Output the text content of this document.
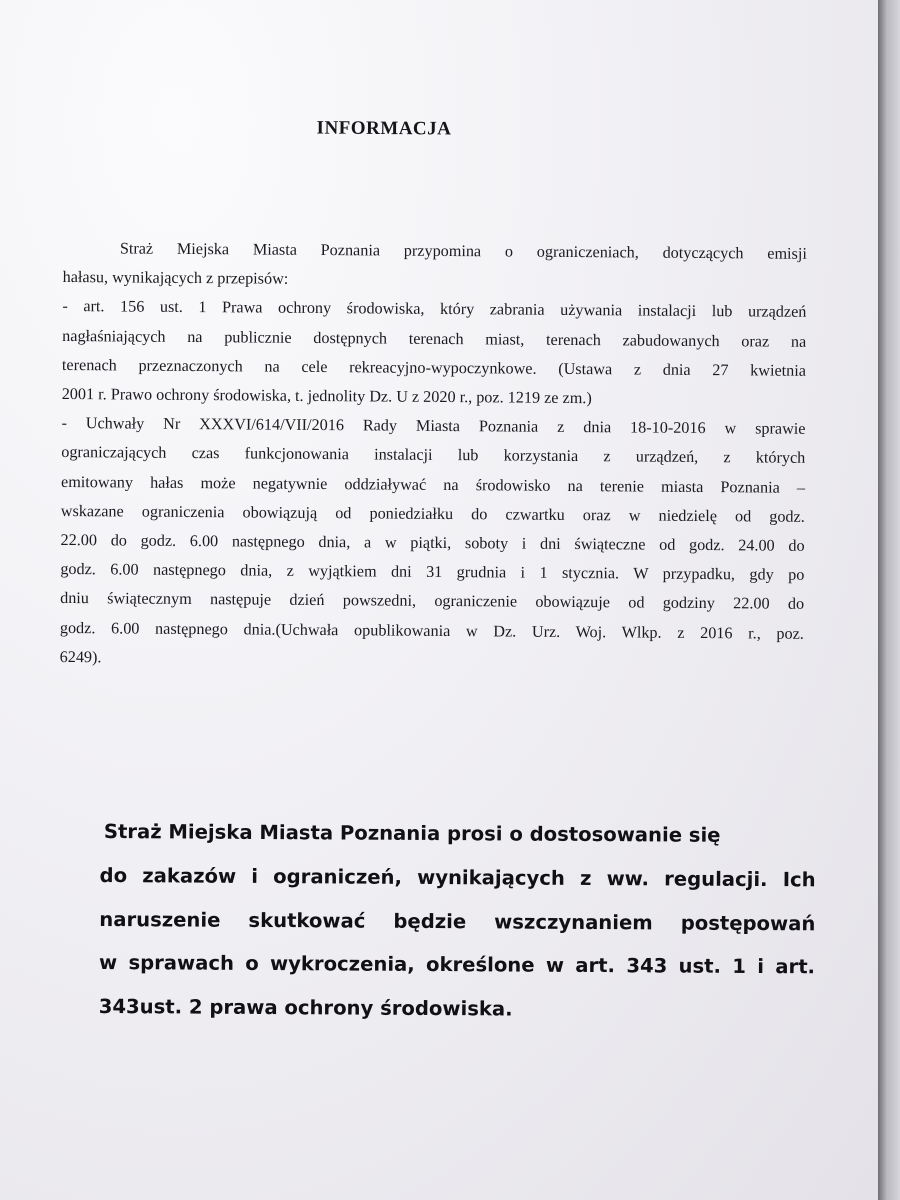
INFORMACJA
Straż Miejska Miasta Poznania przypomina o ograniczeniach, dotyczących emisji
hałasu, wynikających z przepisów:
- art. 156 ust. 1 Prawa ochrony środowiska, który zabrania używania instalacji lub urządzeń
nagłaśniających na publicznie dostępnych terenach miast, terenach zabudowanych oraz na
terenach przeznaczonych na cele rekreacyjno-wypoczynkowe. (Ustawa z dnia 27 kwietnia
2001 r. Prawo ochrony środowiska, t. jednolity Dz. U z 2020 r., poz. 1219 ze zm.)
- Uchwały Nr XXXVI/614/VII/2016 Rady Miasta Poznania z dnia 18-10-2016 w sprawie
ograniczających czas funkcjonowania instalacji lub korzystania z urządzeń, z których
emitowany hałas może negatywnie oddziaływać na środowisko na terenie miasta Poznania –
wskazane ograniczenia obowiązują od poniedziałku do czwartku oraz w niedzielę od godz.
22.00 do godz. 6.00 następnego dnia, a w piątki, soboty i dni świąteczne od godz. 24.00 do
godz. 6.00 następnego dnia, z wyjątkiem dni 31 grudnia i 1 stycznia. W przypadku, gdy po
dniu świątecznym następuje dzień powszedni, ograniczenie obowiązuje od godziny 22.00 do
godz. 6.00 następnego dnia.(Uchwała opublikowania w Dz. Urz. Woj. Wlkp. z 2016 r., poz.
6249).
Straż Miejska Miasta Poznania prosi o dostosowanie się
do zakazów i ograniczeń, wynikających z ww. regulacji. Ich
naruszenie skutkować będzie wszczynaniem postępowań
w sprawach o wykroczenia, określone w art. 343 ust. 1 i art.
343ust. 2 prawa ochrony środowiska.
